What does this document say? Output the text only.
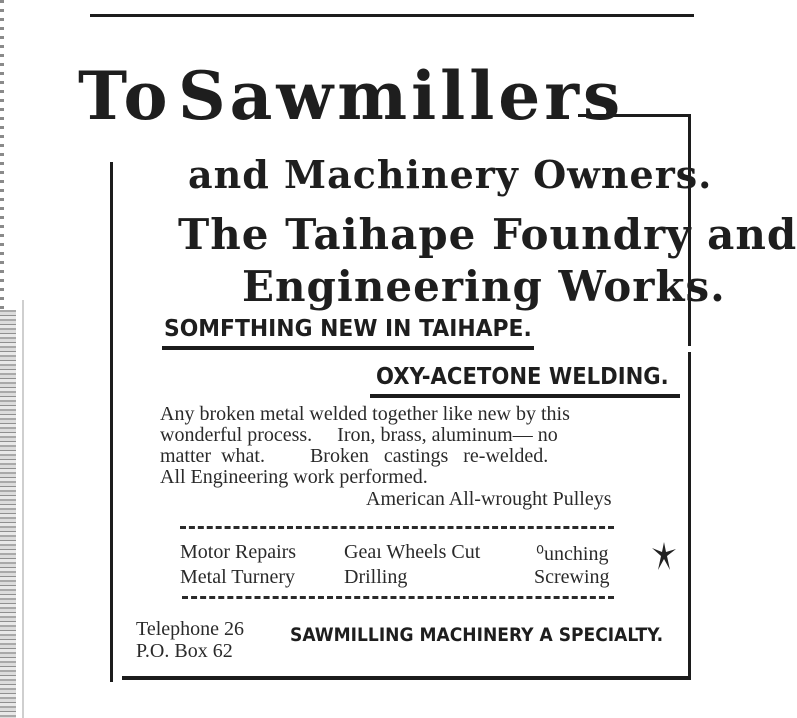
To Sawmillers
and Machinery Owners.
The Taihape Foundry and
Engineering Works.
SOMFTHING NEW IN TAIHAPE.
OXY-ACETONE WELDING.
Any broken metal welded together like new by this
wonderful process.     Iron, brass, aluminum— no
matter  what.         Broken   castings   re-welded.
All Engineering work performed.
American All-wrought Pulleys
Motor Repairs
Metal Turnery
Geaı Wheels Cut
Drilling
⁰unching
Screwing
Telephone 26
P.O. Box 62
SAWMILLING MACHINERY A SPECIALTY.
